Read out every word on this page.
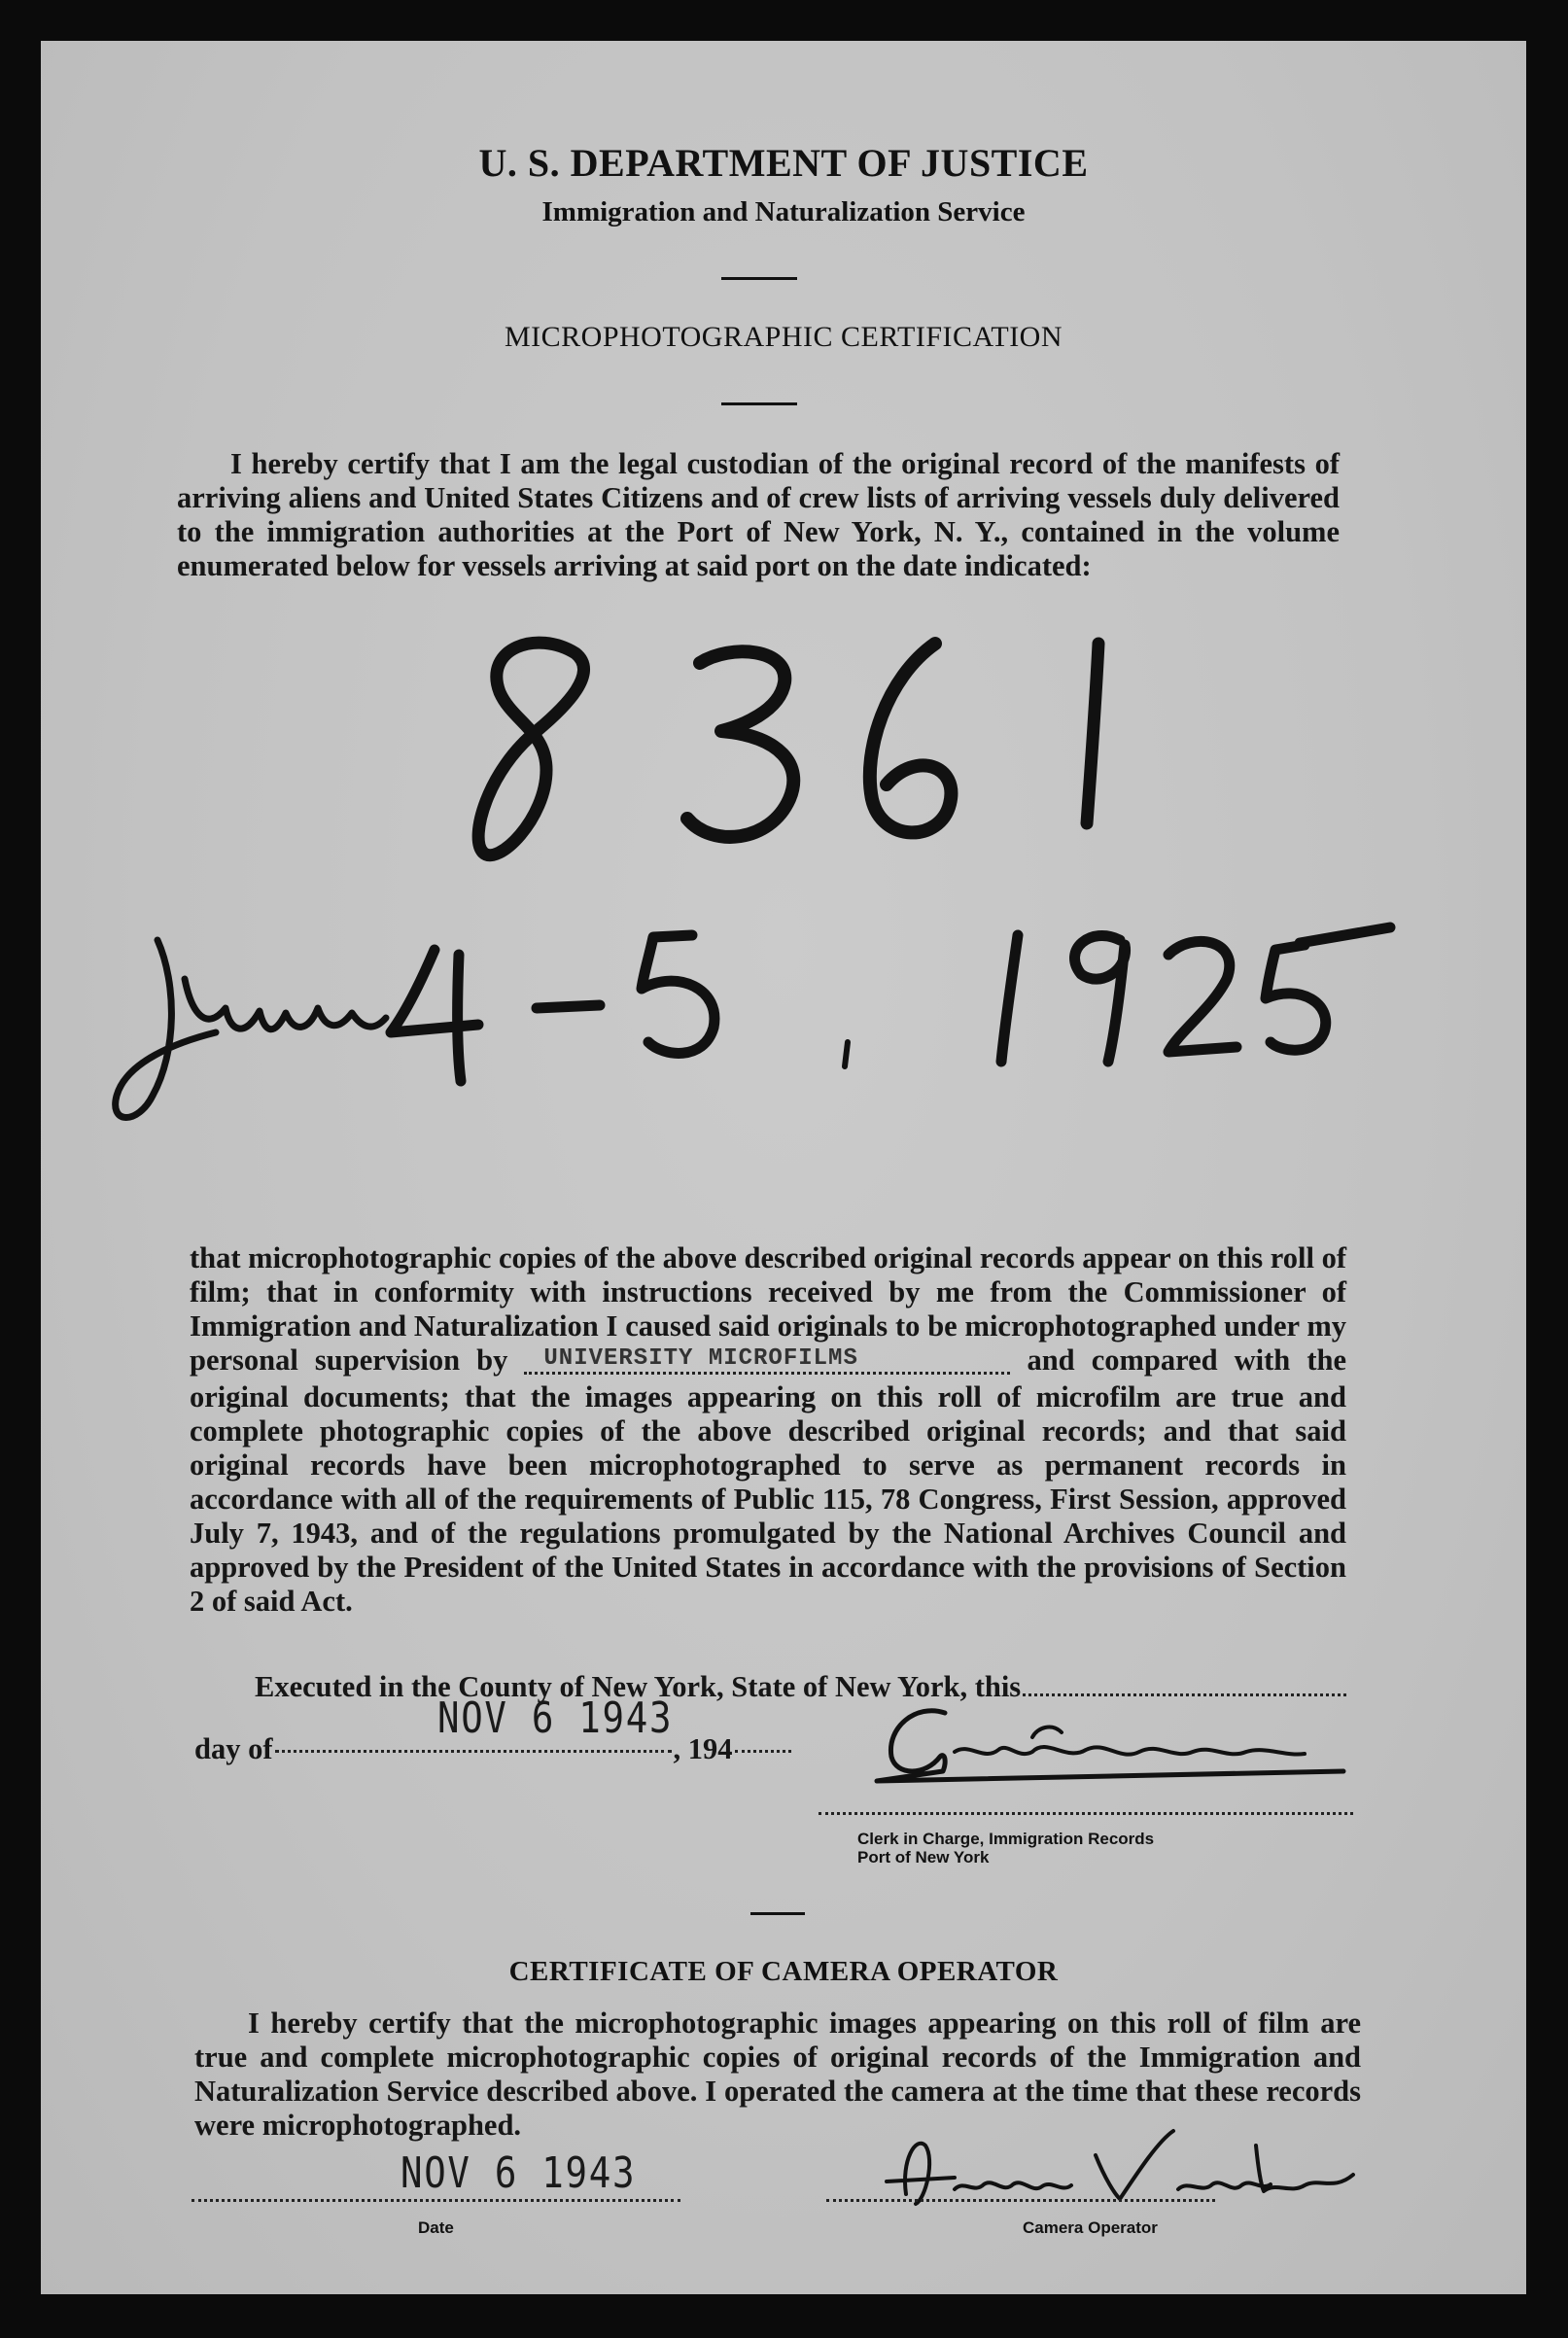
U. S. DEPARTMENT OF JUSTICE
Immigration and Naturalization Service
MICROPHOTOGRAPHIC CERTIFICATION

I hereby certify that I am the legal custodian of the original record of the manifests of arriving aliens and United States Citizens and of crew lists of arriving vessels duly delivered to the immigration authorities at the Port of New York, N. Y., contained in the volume enumerated below for vessels arriving at said port on the date indicated:

that microphotographic copies of the above described original records appear on this roll of film; that in conformity with instructions received by me from the Commissioner of Immigration and Naturalization I caused said originals to be microphotographed under my personal supervision by UNIVERSITY MICROFILMS	and compared with the original documents; that the images appearing on this roll of microfilm are true and complete photographic copies of the above described original records; and that said original records have been microphotographed to serve as permanent records in accordance with all of the requirements of Public 115, 78 Congress, First Session, approved July 7, 1943, and of the regulations promulgated by the National Archives Council and approved by the President of the United States in accordance with the provisions of Section 2 of said Act.

Executed in the County of New York, State of New York, this
day of	, 194
NOV 6 1943
Clerk in Charge, Immigration Records
Port of New York
CERTIFICATE OF CAMERA OPERATOR

I hereby certify that the microphotographic images appearing on this roll of film are true and complete microphotographic copies of original records of the Immigration and Naturalization Service described above. I operated the camera at the time that these records were microphotographed.

NOV 6 1943
Date	Camera Operator
